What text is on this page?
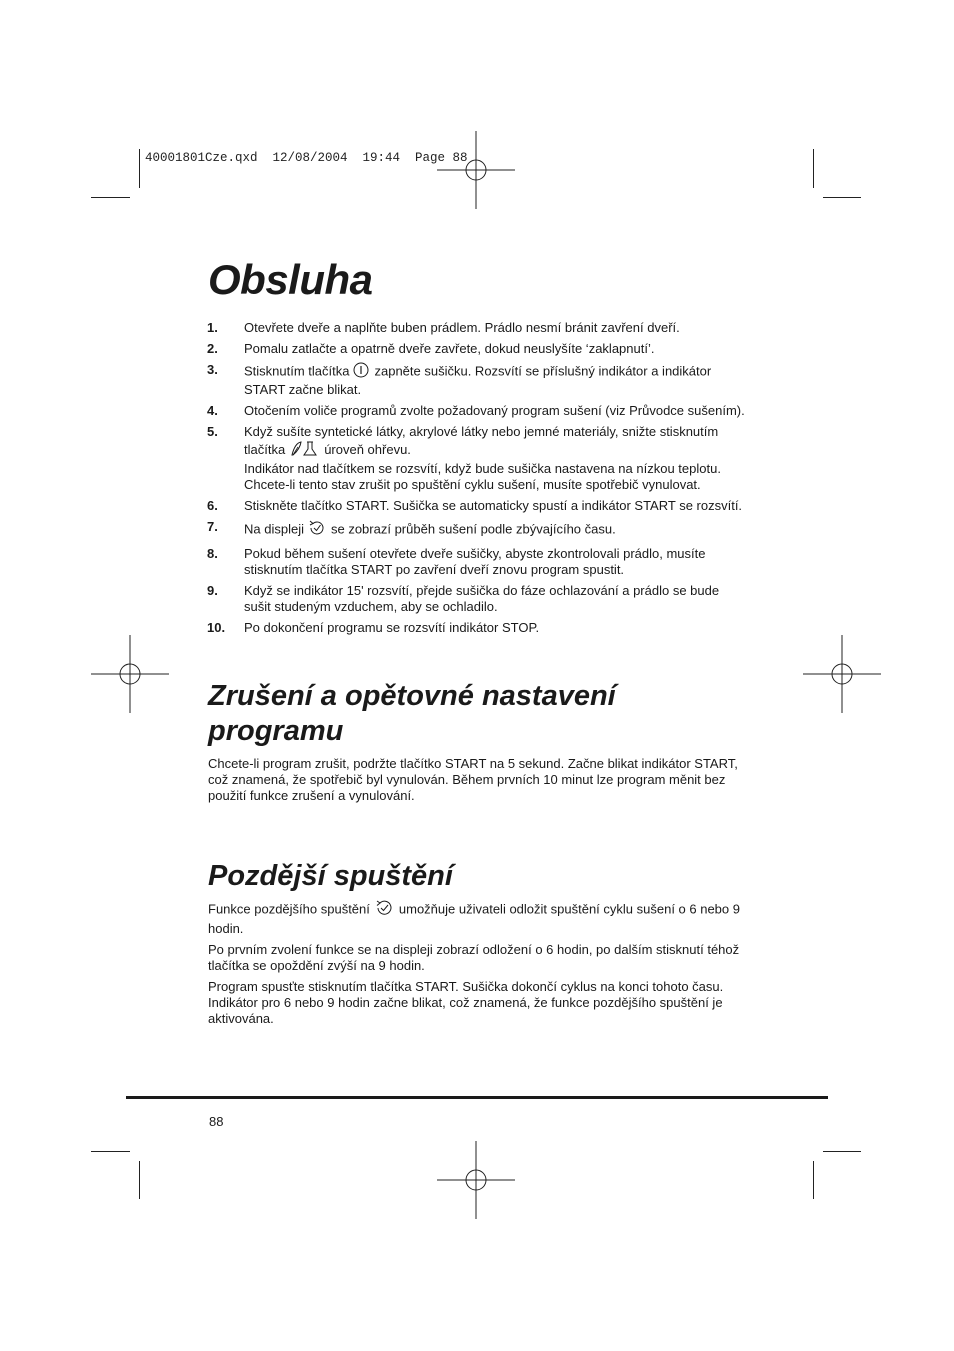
40001801Cze.qxd  12/08/2004  19:44  Page 88
Obsluha
1.	Otevřete dveře a naplňte buben prádlem. Prádlo nesmí bránit zavření dveří.
2.	Pomalu zatlačte a opatrně dveře zavřete, dokud neuslyšíte ‘zaklapnutí’.
3.	Stisknutím tlačítka zapněte sušičku. Rozsvítí se příslušný indikátor a indikátor
START začne blikat.
4.	Otočením voliče programů zvolte požadovaný program sušení (viz Průvodce sušením).
5.	Když sušíte syntetické látky, akrylové látky nebo jemné materiály, snižte stisknutím
tlačítka	úroveň ohřevu.
Indikátor nad tlačítkem se rozsvítí, když bude sušička nastavena na nízkou teplotu.
Chcete-li tento stav zrušit po spuštění cyklu sušení, musíte spotřebič vynulovat.
6.	Stiskněte tlačítko START. Sušička se automaticky spustí a indikátor START se rozsvítí.
7.	Na displeji se zobrazí průběh sušení podle zbývajícího času.
8.	Pokud během sušení otevřete dveře sušičky, abyste zkontrolovali prádlo, musíte
stisknutím tlačítka START po zavření dveří znovu program spustit.
9.	Když se indikátor 15' rozsvítí, přejde sušička do fáze ochlazování a prádlo se bude
sušit studeným vzduchem, aby se ochladilo.
10.	Po dokončení programu se rozsvítí indikátor STOP.
Zrušení a opětovné nastavení
programu

Chcete-li program zrušit, podržte tlačítko START na 5 sekund. Začne blikat indikátor START,
což znamená, že spotřebič byl vynulován. Během prvních 10 minut lze program měnit bez
použití funkce zrušení a vynulování.

Pozdější spuštění

Funkce pozdějšího spuštění umožňuje uživateli odložit spuštění cyklu sušení o 6 nebo 9
hodin.

Po prvním zvolení funkce se na displeji zobrazí odložení o 6 hodin, po dalším stisknutí téhož
tlačítka se opoždění zvýší na 9 hodin.

Program spusťte stisknutím tlačítka START. Sušička dokončí cyklus na konci tohoto času.
Indikátor pro 6 nebo 9 hodin začne blikat, což znamená, že funkce pozdějšího spuštění je
aktivována.

88
